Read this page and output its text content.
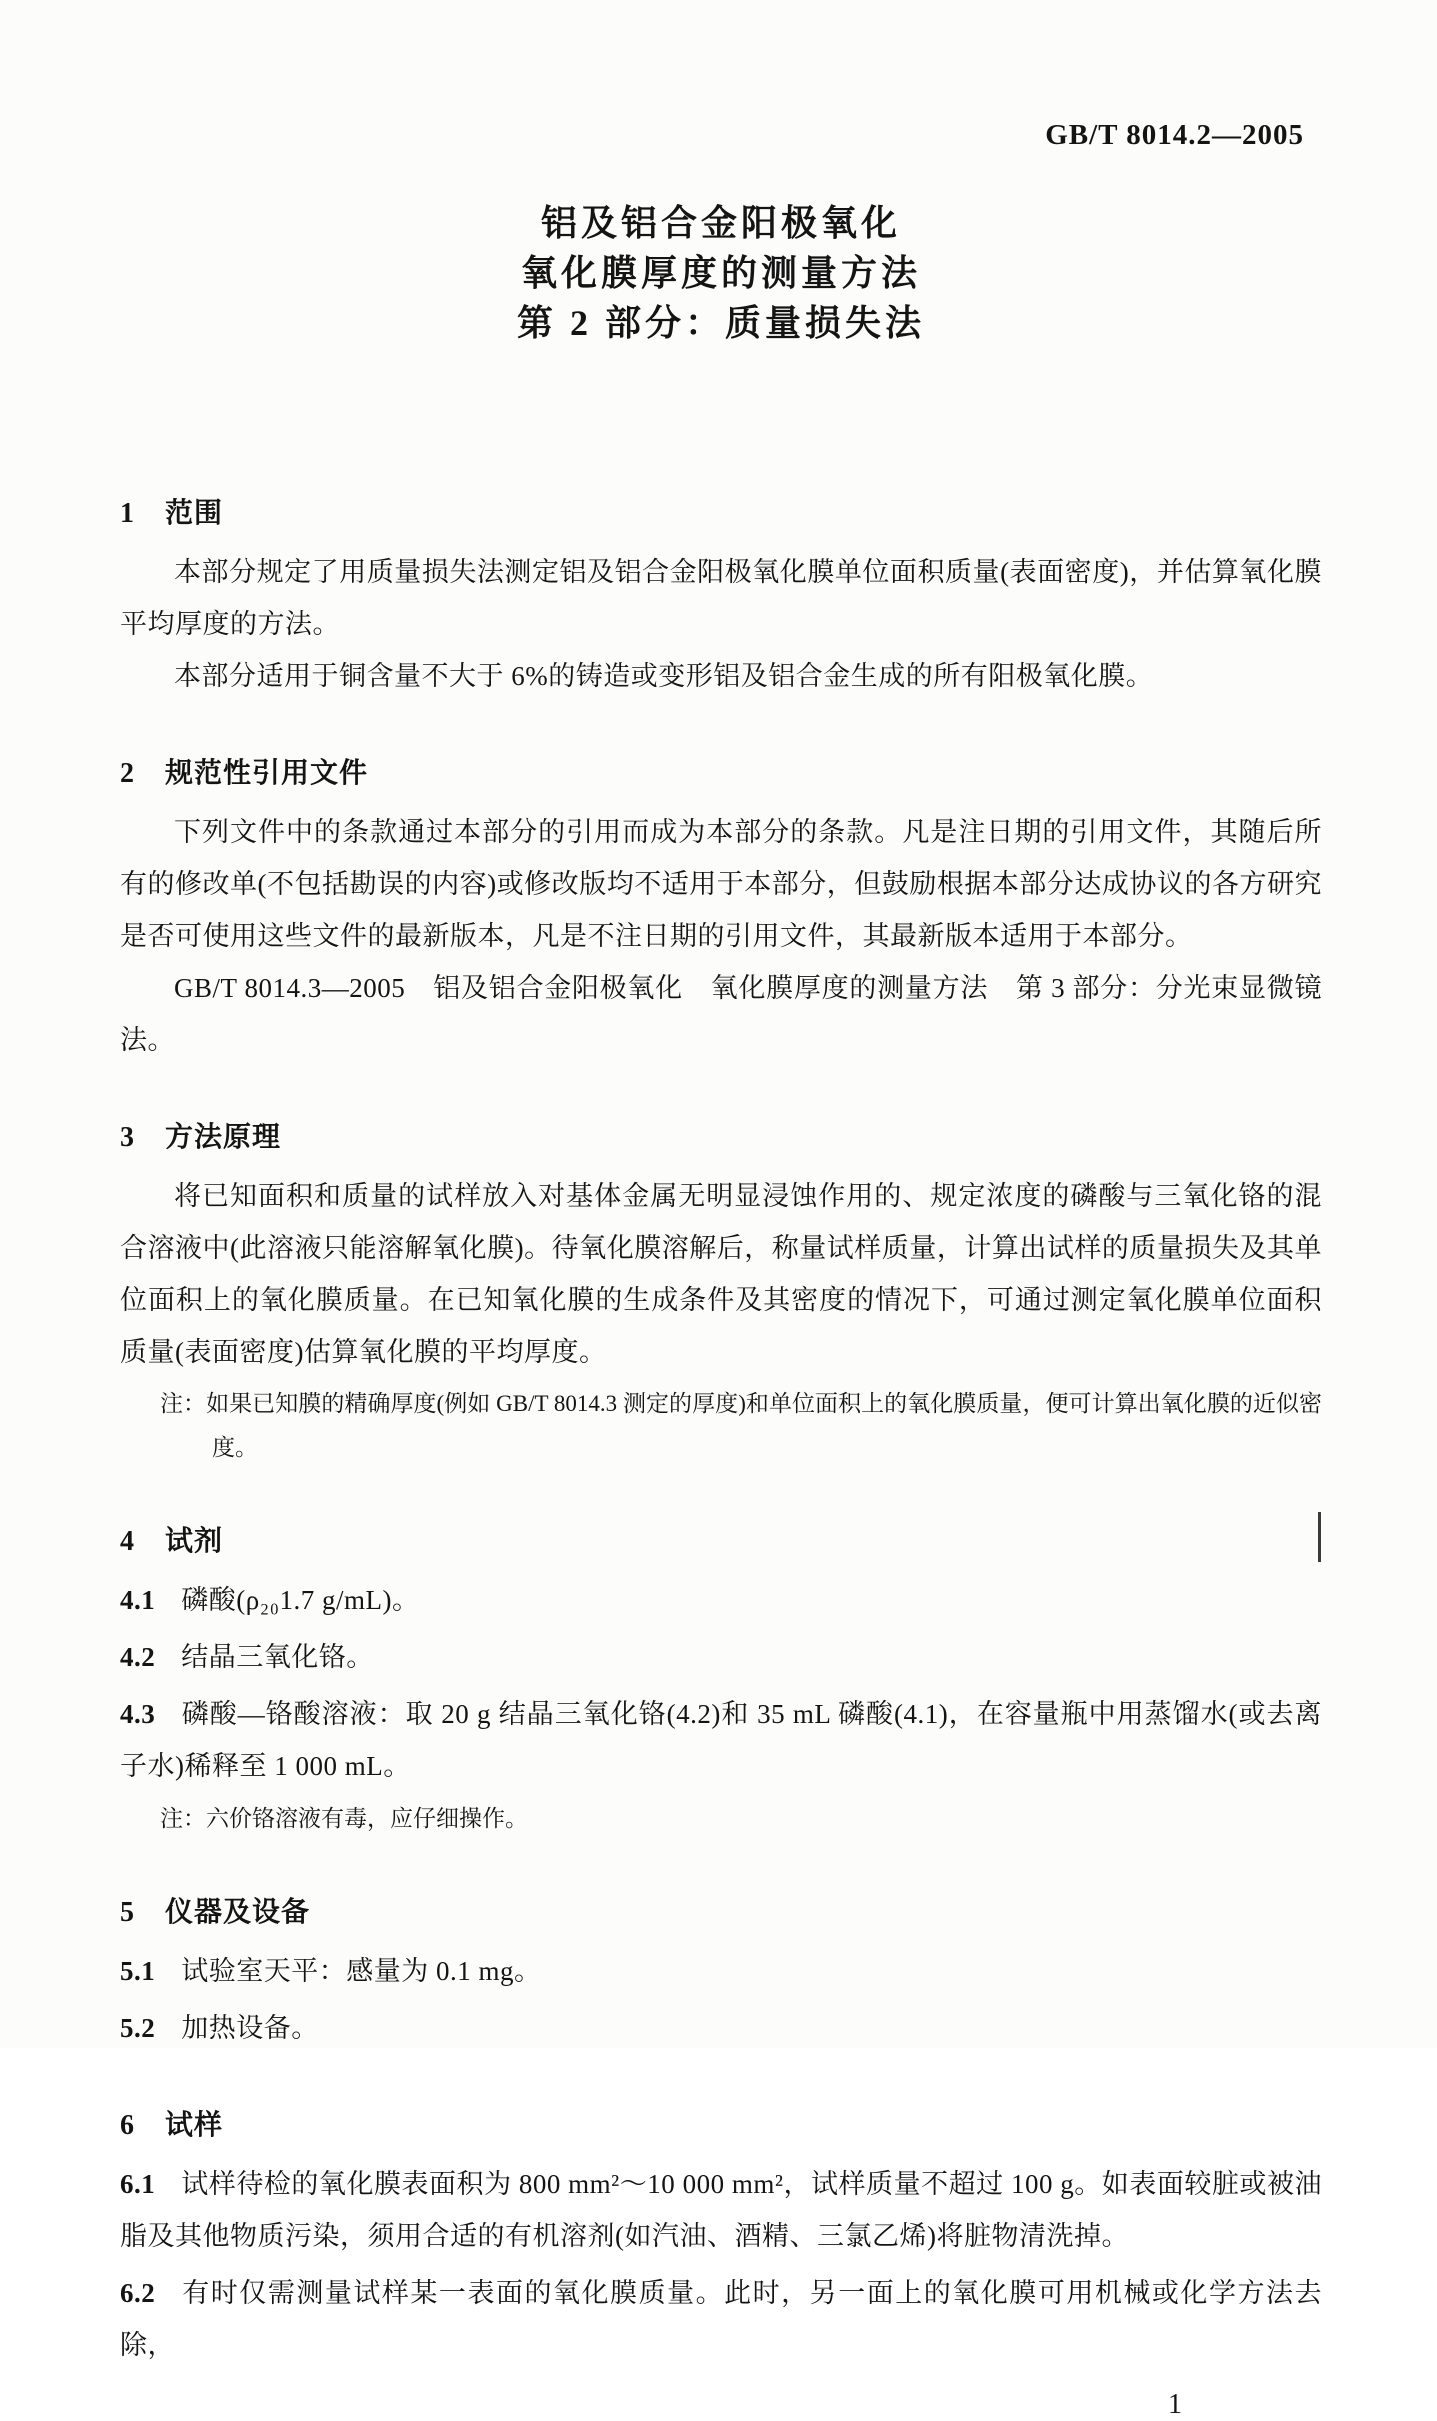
GB/T 8014.2—2005
铝及铝合金阳极氧化
氧化膜厚度的测量方法
第 2 部分：质量损失法
1 范围

本部分规定了用质量损失法测定铝及铝合金阳极氧化膜单位面积质量(表面密度)，并估算氧化膜平均厚度的方法。

本部分适用于铜含量不大于 6%的铸造或变形铝及铝合金生成的所有阳极氧化膜。

2 规范性引用文件

下列文件中的条款通过本部分的引用而成为本部分的条款。凡是注日期的引用文件，其随后所有的修改单(不包括勘误的内容)或修改版均不适用于本部分，但鼓励根据本部分达成协议的各方研究是否可使用这些文件的最新版本，凡是不注日期的引用文件，其最新版本适用于本部分。

GB/T 8014.3—2005　铝及铝合金阳极氧化　氧化膜厚度的测量方法　第 3 部分：分光束显微镜法。

3 方法原理

将已知面积和质量的试样放入对基体金属无明显浸蚀作用的、规定浓度的磷酸与三氧化铬的混合溶液中(此溶液只能溶解氧化膜)。待氧化膜溶解后，称量试样质量，计算出试样的质量损失及其单位面积上的氧化膜质量。在已知氧化膜的生成条件及其密度的情况下，可通过测定氧化膜单位面积质量(表面密度)估算氧化膜的平均厚度。

注：如果已知膜的精确厚度(例如 GB/T 8014.3 测定的厚度)和单位面积上的氧化膜质量，便可计算出氧化膜的近似密度。

4 试剂

4.1 磷酸(ρ₂₀1.7 g/mL)。

4.2 结晶三氧化铬。

4.3 磷酸—铬酸溶液：取 20 g 结晶三氧化铬(4.2)和 35 mL 磷酸(4.1)，在容量瓶中用蒸馏水(或去离子水)稀释至 1 000 mL。

注：六价铬溶液有毒，应仔细操作。

5 仪器及设备

5.1 试验室天平：感量为 0.1 mg。

5.2 加热设备。

6 试样

6.1 试样待检的氧化膜表面积为 800 mm²～10 000 mm²，试样质量不超过 100 g。如表面较脏或被油脂及其他物质污染，须用合适的有机溶剂(如汽油、酒精、三氯乙烯)将脏物清洗掉。

6.2 有时仅需测量试样某一表面的氧化膜质量。此时，另一面上的氧化膜可用机械或化学方法去除，

1
